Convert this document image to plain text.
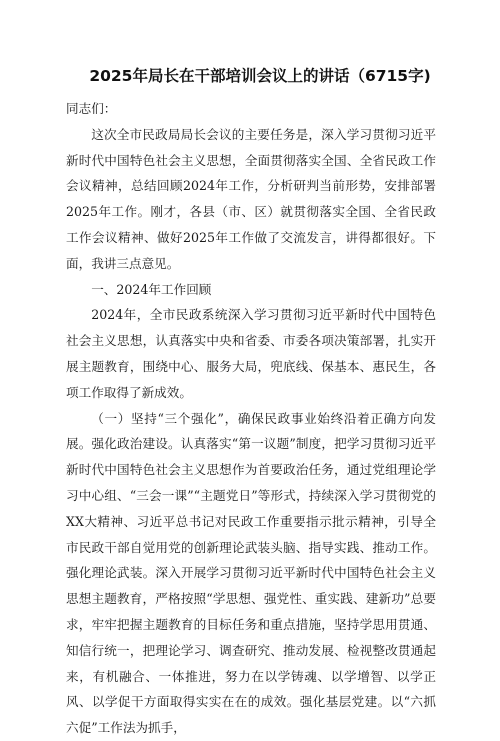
2025年局长在干部培训会议上的讲话（6715字)

同志们：

这次全市民政局局长会议的主要任务是，深入学习贯彻习近平新时代中国特色社会主义思想，全面贯彻落实全国、全省民政工作会议精神，总结回顾2024年工作，分析研判当前形势，安排部署2025年工作。刚才，各县（市、区）就贯彻落实全国、全省民政工作会议精神、做好2025年工作做了交流发言，讲得都很好。下面，我讲三点意见。

一、2024年工作回顾

2024年，全市民政系统深入学习贯彻习近平新时代中国特色社会主义思想，认真落实中央和省委、市委各项决策部署，扎实开展主题教育，围绕中心、服务大局，兜底线、保基本、惠民生，各项工作取得了新成效。

（一）坚持“三个强化”，确保民政事业始终沿着正确方向发展。强化政治建设。认真落实“第一议题”制度，把学习贯彻习近平新时代中国特色社会主义思想作为首要政治任务，通过党组理论学习中心组、“三会一课”“主题党日”等形式，持续深入学习贯彻党的XX大精神、习近平总书记对民政工作重要指示批示精神，引导全市民政干部自觉用党的创新理论武装头脑、指导实践、推动工作。强化理论武装。深入开展学习贯彻习近平新时代中国特色社会主义思想主题教育，严格按照“学思想、强党性、重实践、建新功”总要求，牢牢把握主题教育的目标任务和重点措施，坚持学思用贯通、知信行统一，把理论学习、调查研究、推动发展、检视整改贯通起来，有机融合、一体推进，努力在以学铸魂、以学增智、以学正风、以学促干方面取得实实在在的成效。强化基层党建。以“六抓六促”工作法为抓手，
